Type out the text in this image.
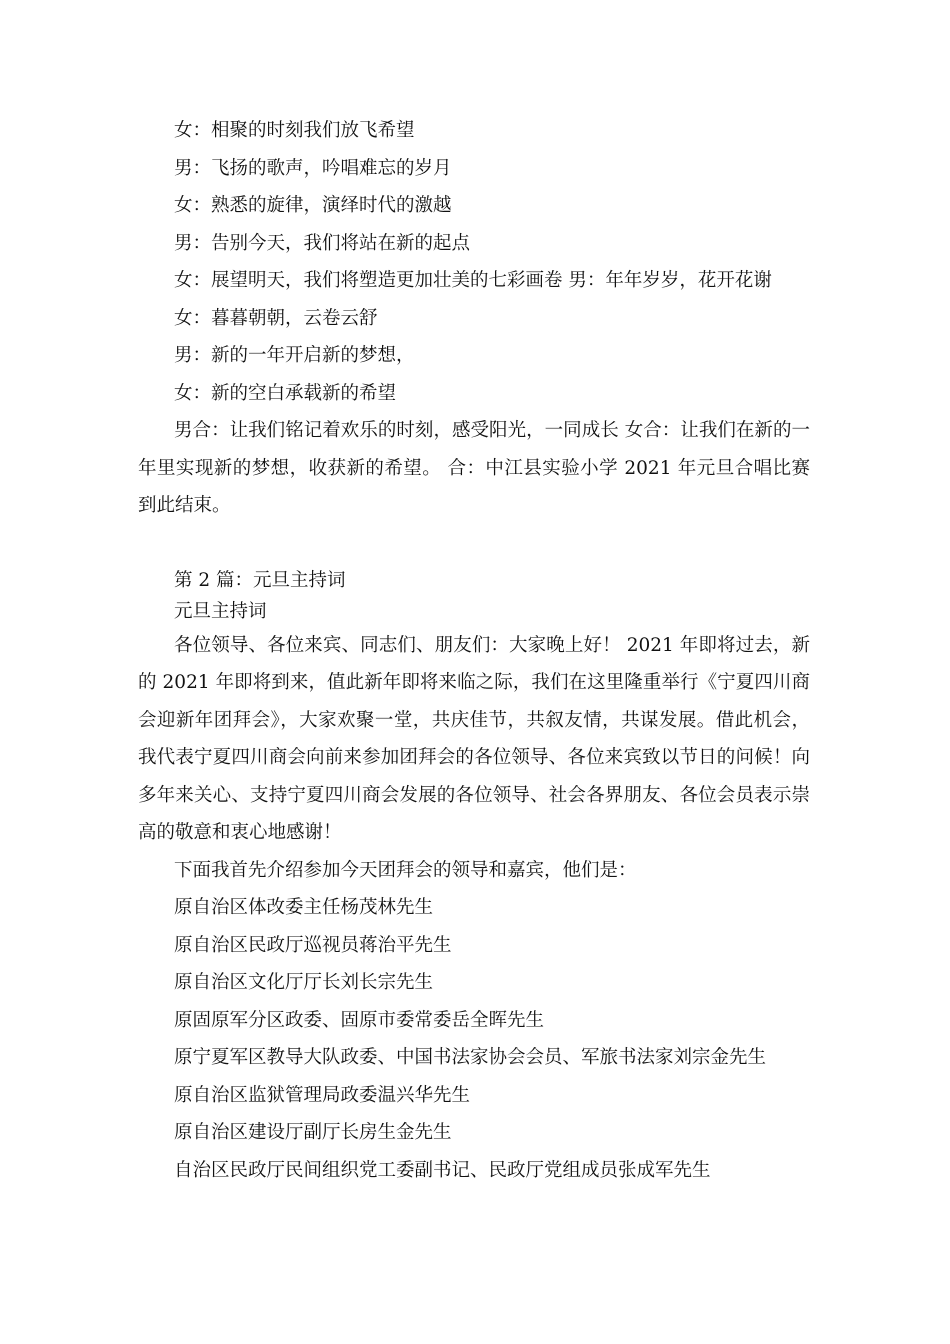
女：相聚的时刻我们放飞希望

男：飞扬的歌声，吟唱难忘的岁月

女：熟悉的旋律，演绎时代的激越

男：告别今天，我们将站在新的起点

女：展望明天，我们将塑造更加壮美的七彩画卷 男：年年岁岁，花开花谢

女：暮暮朝朝，云卷云舒

男：新的一年开启新的梦想，

女：新的空白承载新的希望

男合：让我们铭记着欢乐的时刻，感受阳光，一同成长 女合：让我们在新的一年里实现新的梦想，收获新的希望。 合：中江县实验小学 2021 年元旦合唱比赛到此结束。

第 2 篇：元旦主持词

元旦主持词

各位领导、各位来宾、同志们、朋友们：大家晚上好！ 2021 年即将过去，新的 2021 年即将到来，值此新年即将来临之际，我们在这里隆重举行《宁夏四川商会迎新年团拜会》，大家欢聚一堂，共庆佳节，共叙友情，共谋发展。借此机会，我代表宁夏四川商会向前来参加团拜会的各位领导、各位来宾致以节日的问候！向多年来关心、支持宁夏四川商会发展的各位领导、社会各界朋友、各位会员表示崇高的敬意和衷心地感谢！

下面我首先介绍参加今天团拜会的领导和嘉宾，他们是：

原自治区体改委主任杨茂林先生

原自治区民政厅巡视员蒋治平先生

原自治区文化厅厅长刘长宗先生

原固原军分区政委、固原市委常委岳全晖先生

原宁夏军区教导大队政委、中国书法家协会会员、军旅书法家刘宗金先生

原自治区监狱管理局政委温兴华先生

原自治区建设厅副厅长房生金先生

自治区民政厅民间组织党工委副书记、民政厅党组成员张成军先生
